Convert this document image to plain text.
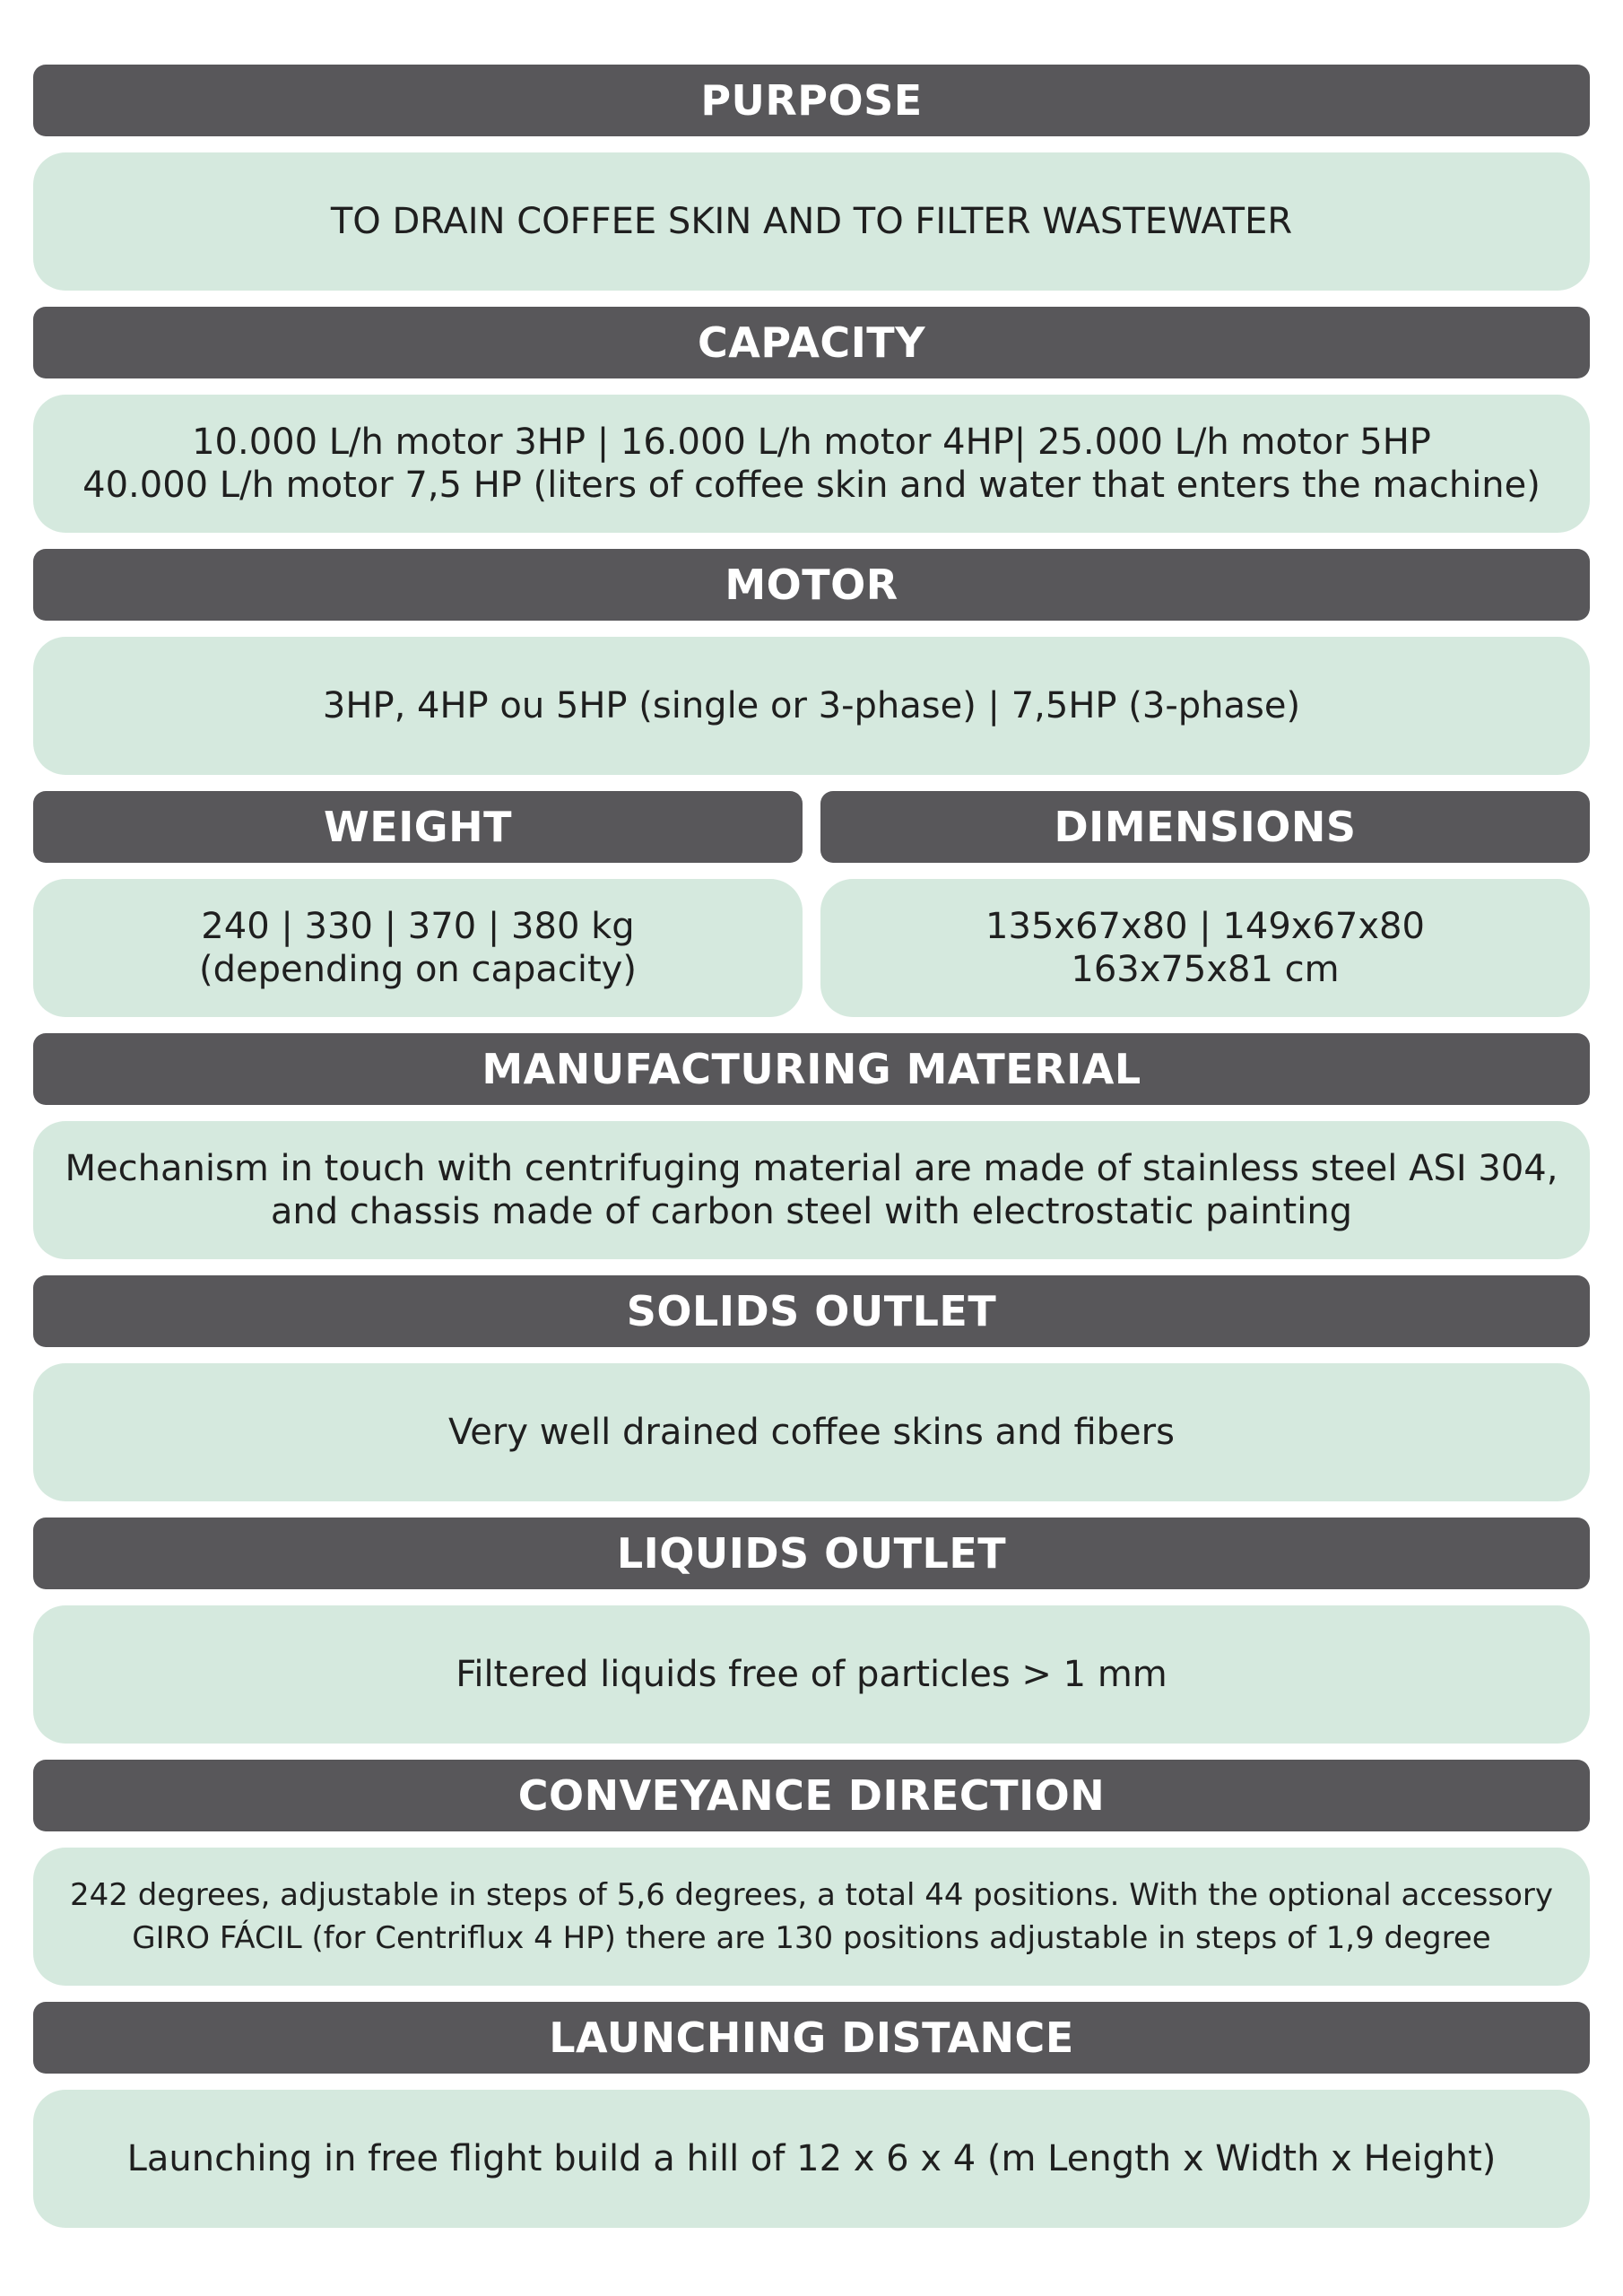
PURPOSE
TO DRAIN COFFEE SKIN AND TO FILTER WASTEWATER
CAPACITY
10.000 L/h motor 3HP | 16.000 L/h motor 4HP| 25.000 L/h motor 5HP
40.000 L/h motor 7,5 HP (liters of coffee skin and water that enters the machine)
MOTOR
3HP, 4HP ou 5HP (single or 3-phase) | 7,5HP (3-phase)
WEIGHT
240 | 330 | 370 | 380 kg
(depending on capacity)
DIMENSIONS
135x67x80 | 149x67x80
163x75x81 cm
MANUFACTURING MATERIAL
Mechanism in touch with centrifuging material are made of stainless steel ASI 304,
and chassis made of carbon steel with electrostatic painting
SOLIDS OUTLET
Very well drained coffee skins and fibers
LIQUIDS OUTLET
Filtered liquids free of particles > 1 mm
CONVEYANCE DIRECTION
242 degrees, adjustable in steps of 5,6 degrees, a total 44 positions. With the optional accessory
GIRO FÁCIL (for Centriflux 4 HP) there are 130 positions adjustable in steps of 1,9 degree
LAUNCHING DISTANCE
Launching in free flight build a hill of 12 x 6 x 4 (m Length x Width x Height)
